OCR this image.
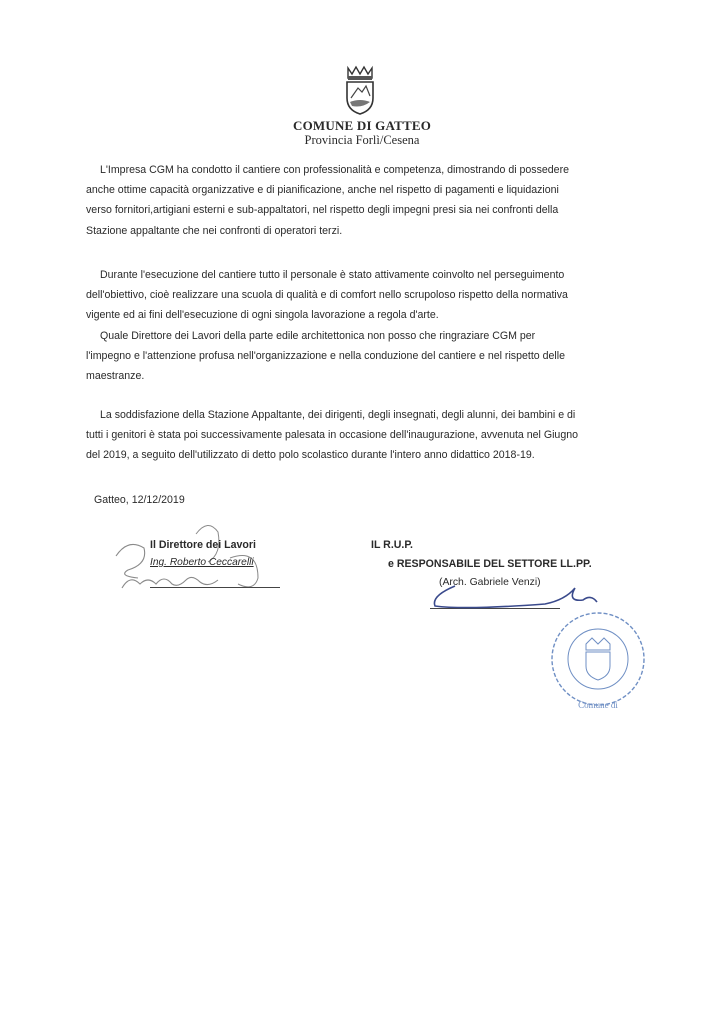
COMUNE DI GATTEO
Provincia Forlì/Cesena
L'Impresa CGM ha condotto il cantiere con professionalità e competenza, dimostrando di possedere
anche ottime capacità organizzative e di pianificazione, anche nel rispetto di pagamenti e liquidazioni
verso fornitori,artigiani esterni e sub-appaltatori, nel rispetto degli impegni presi sia nei confronti della
Stazione appaltante che nei confronti di operatori terzi.
Durante l'esecuzione del cantiere tutto il personale è stato attivamente coinvolto nel perseguimento
dell'obiettivo, cioè realizzare una scuola di qualità e di comfort nello scrupoloso rispetto della normativa
vigente ed ai fini dell'esecuzione di ogni singola lavorazione a regola d'arte.
Quale Direttore dei Lavori della parte edile architettonica non posso che ringraziare CGM per
l'impegno e l'attenzione profusa nell'organizzazione e nella conduzione del cantiere e nel rispetto delle
maestranze.
La soddisfazione della Stazione Appaltante, dei dirigenti, degli insegnati, degli alunni, dei bambini e di
tutti i genitori è stata poi successivamente palesata in occasione dell'inaugurazione, avvenuta nel Giugno
del 2019, a seguito dell'utilizzato di detto polo scolastico durante l'intero anno didattico 2018-19.
Gatteo, 12/12/2019
Il Direttore dei Lavori
Ing. Roberto Ceccarelli
IL R.U.P.
e RESPONSABILE DEL SETTORE LL.PP.
(Arch. Gabriele Venzi)
Comune di
